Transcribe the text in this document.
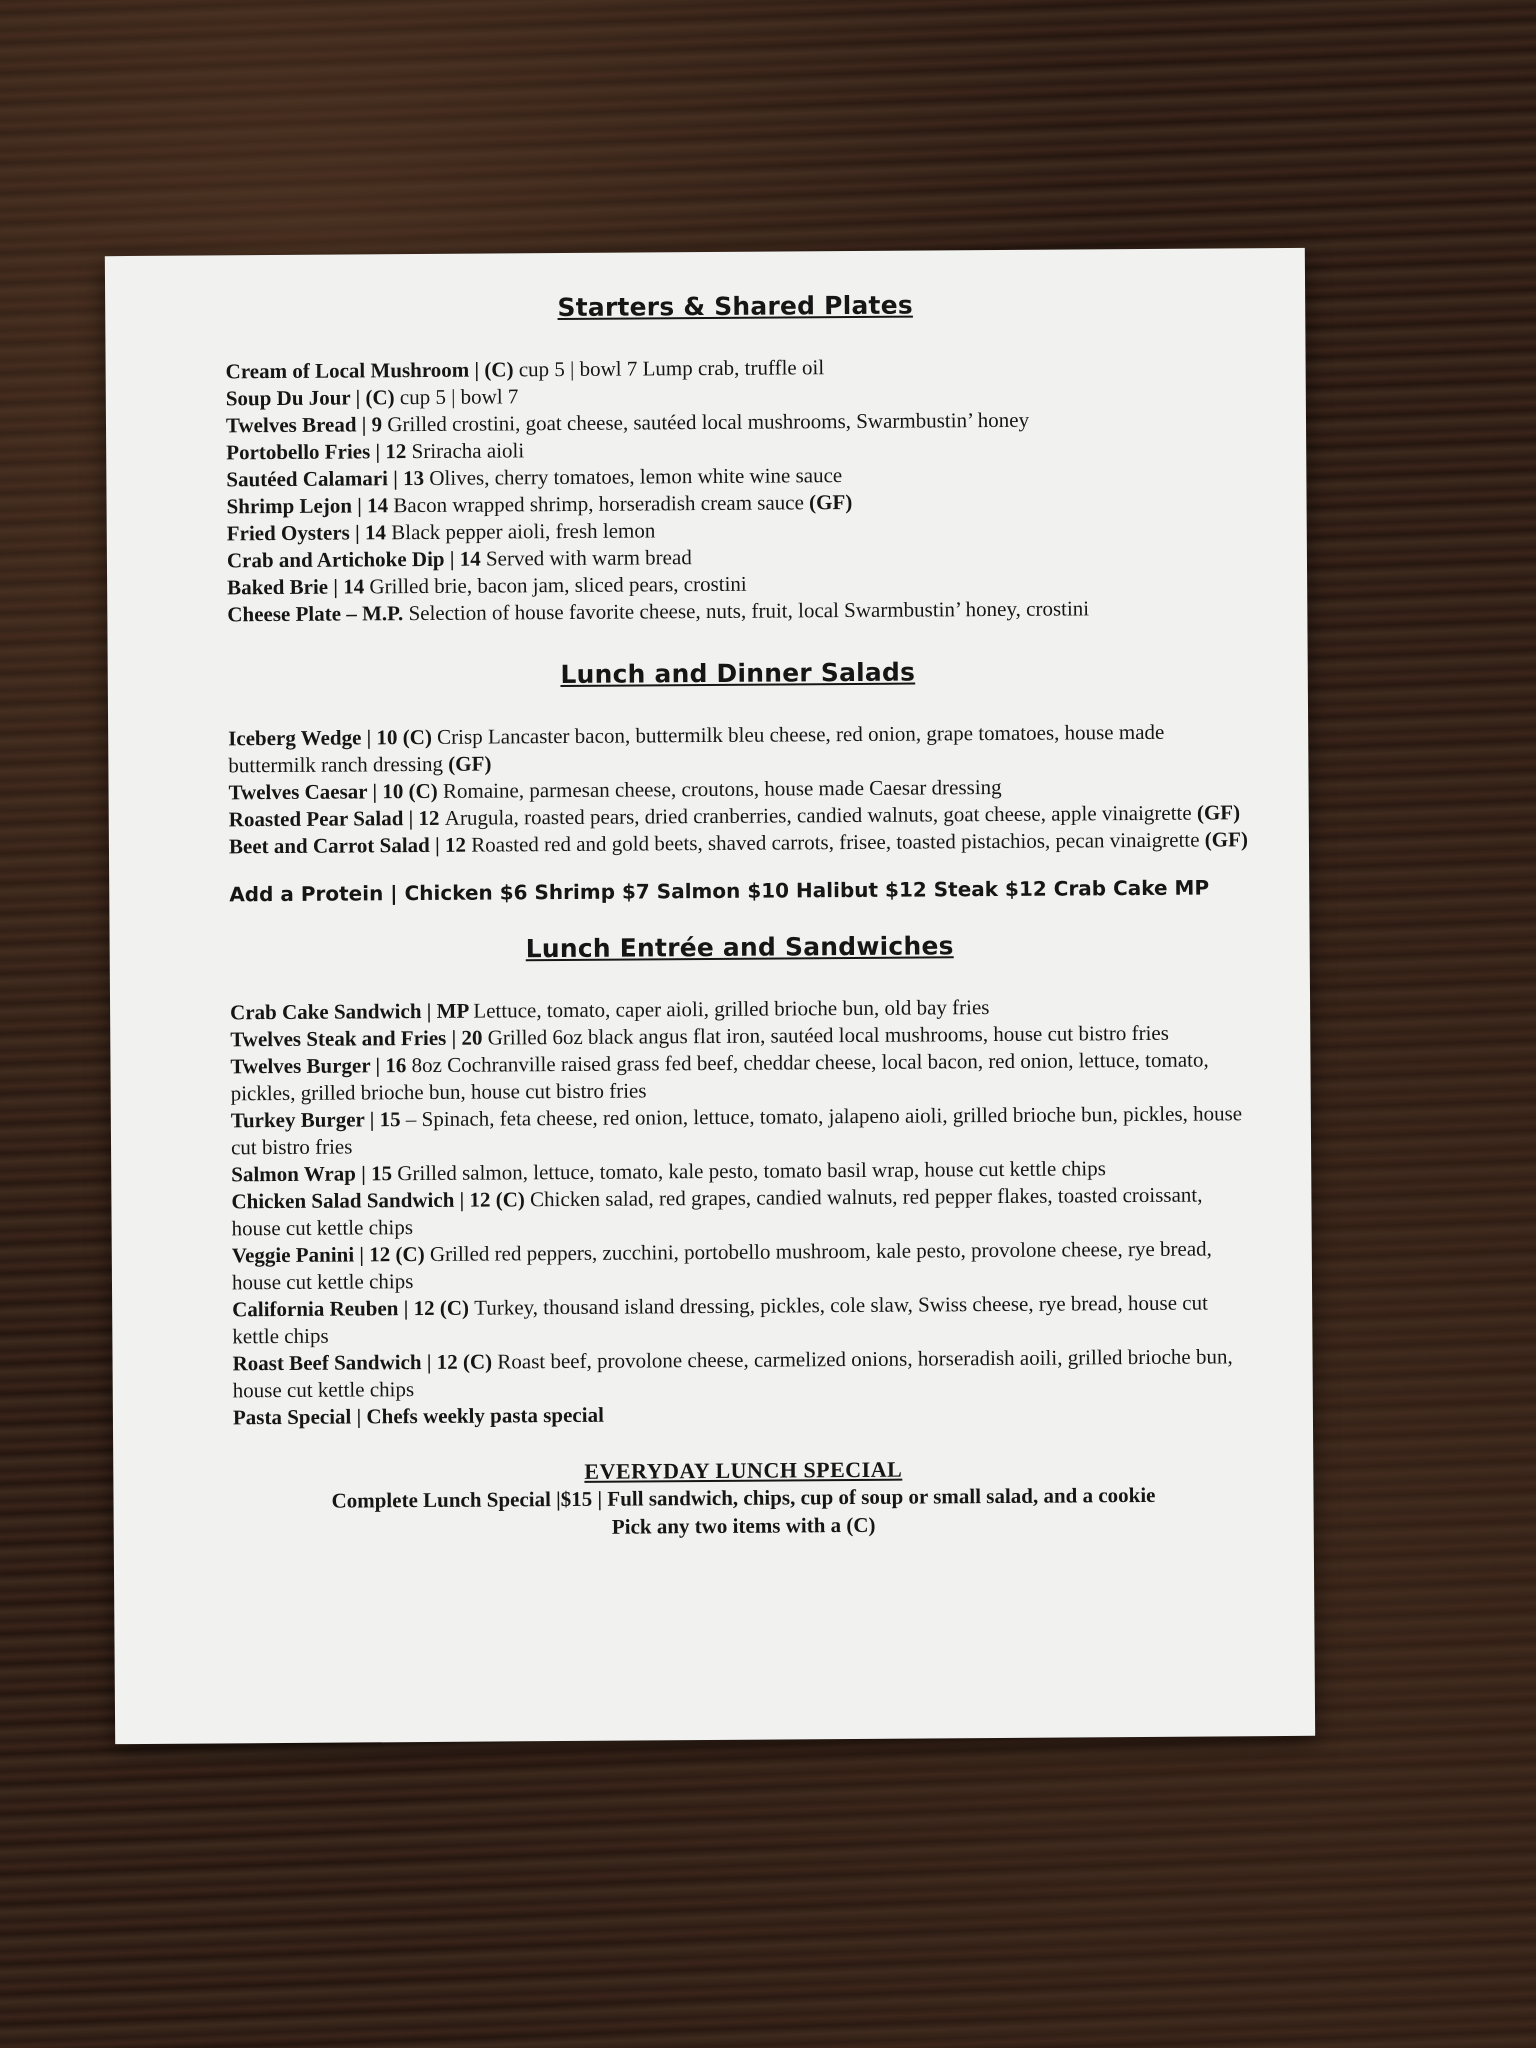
Starters & Shared Plates
Cream of Local Mushroom | (C) cup 5 | bowl 7 Lump crab, truffle oil
Soup Du Jour | (C) cup 5 | bowl 7
Twelves Bread | 9 Grilled crostini, goat cheese, sautéed local mushrooms, Swarmbustin’ honey
Portobello Fries | 12 Sriracha aioli
Sautéed Calamari | 13 Olives, cherry tomatoes, lemon white wine sauce
Shrimp Lejon | 14 Bacon wrapped shrimp, horseradish cream sauce (GF)
Fried Oysters | 14 Black pepper aioli, fresh lemon
Crab and Artichoke Dip | 14 Served with warm bread
Baked Brie | 14 Grilled brie, bacon jam, sliced pears, crostini
Cheese Plate – M.P. Selection of house favorite cheese, nuts, fruit, local Swarmbustin’ honey, crostini
Lunch and Dinner Salads
Iceberg Wedge | 10 (C) Crisp Lancaster bacon, buttermilk bleu cheese, red onion, grape tomatoes, house made buttermilk ranch dressing (GF)
Twelves Caesar | 10 (C) Romaine, parmesan cheese, croutons, house made Caesar dressing
Roasted Pear Salad | 12 Arugula, roasted pears, dried cranberries, candied walnuts, goat cheese, apple vinaigrette (GF)
Beet and Carrot Salad | 12 Roasted red and gold beets, shaved carrots, frisee, toasted pistachios, pecan vinaigrette (GF)
Add a Protein | Chicken $6 Shrimp $7 Salmon $10 Halibut $12 Steak $12 Crab Cake MP
Lunch Entrée and Sandwiches
Crab Cake Sandwich | MP Lettuce, tomato, caper aioli, grilled brioche bun, old bay fries
Twelves Steak and Fries | 20 Grilled 6oz black angus flat iron, sautéed local mushrooms, house cut bistro fries
Twelves Burger | 16 8oz Cochranville raised grass fed beef, cheddar cheese, local bacon, red onion, lettuce, tomato, pickles, grilled brioche bun, house cut bistro fries
Turkey Burger | 15 – Spinach, feta cheese, red onion, lettuce, tomato, jalapeno aioli, grilled brioche bun, pickles, house cut bistro fries
Salmon Wrap | 15 Grilled salmon, lettuce, tomato, kale pesto, tomato basil wrap, house cut kettle chips
Chicken Salad Sandwich | 12 (C) Chicken salad, red grapes, candied walnuts, red pepper flakes, toasted croissant, house cut kettle chips
Veggie Panini | 12 (C) Grilled red peppers, zucchini, portobello mushroom, kale pesto, provolone cheese, rye bread, house cut kettle chips
California Reuben | 12 (C) Turkey, thousand island dressing, pickles, cole slaw, Swiss cheese, rye bread, house cut kettle chips
Roast Beef Sandwich | 12 (C) Roast beef, provolone cheese, carmelized onions, horseradish aoili, grilled brioche bun, house cut kettle chips
Pasta Special | Chefs weekly pasta special
EVERYDAY LUNCH SPECIAL
Complete Lunch Special |$15 | Full sandwich, chips, cup of soup or small salad, and a cookie
Pick any two items with a (C)
